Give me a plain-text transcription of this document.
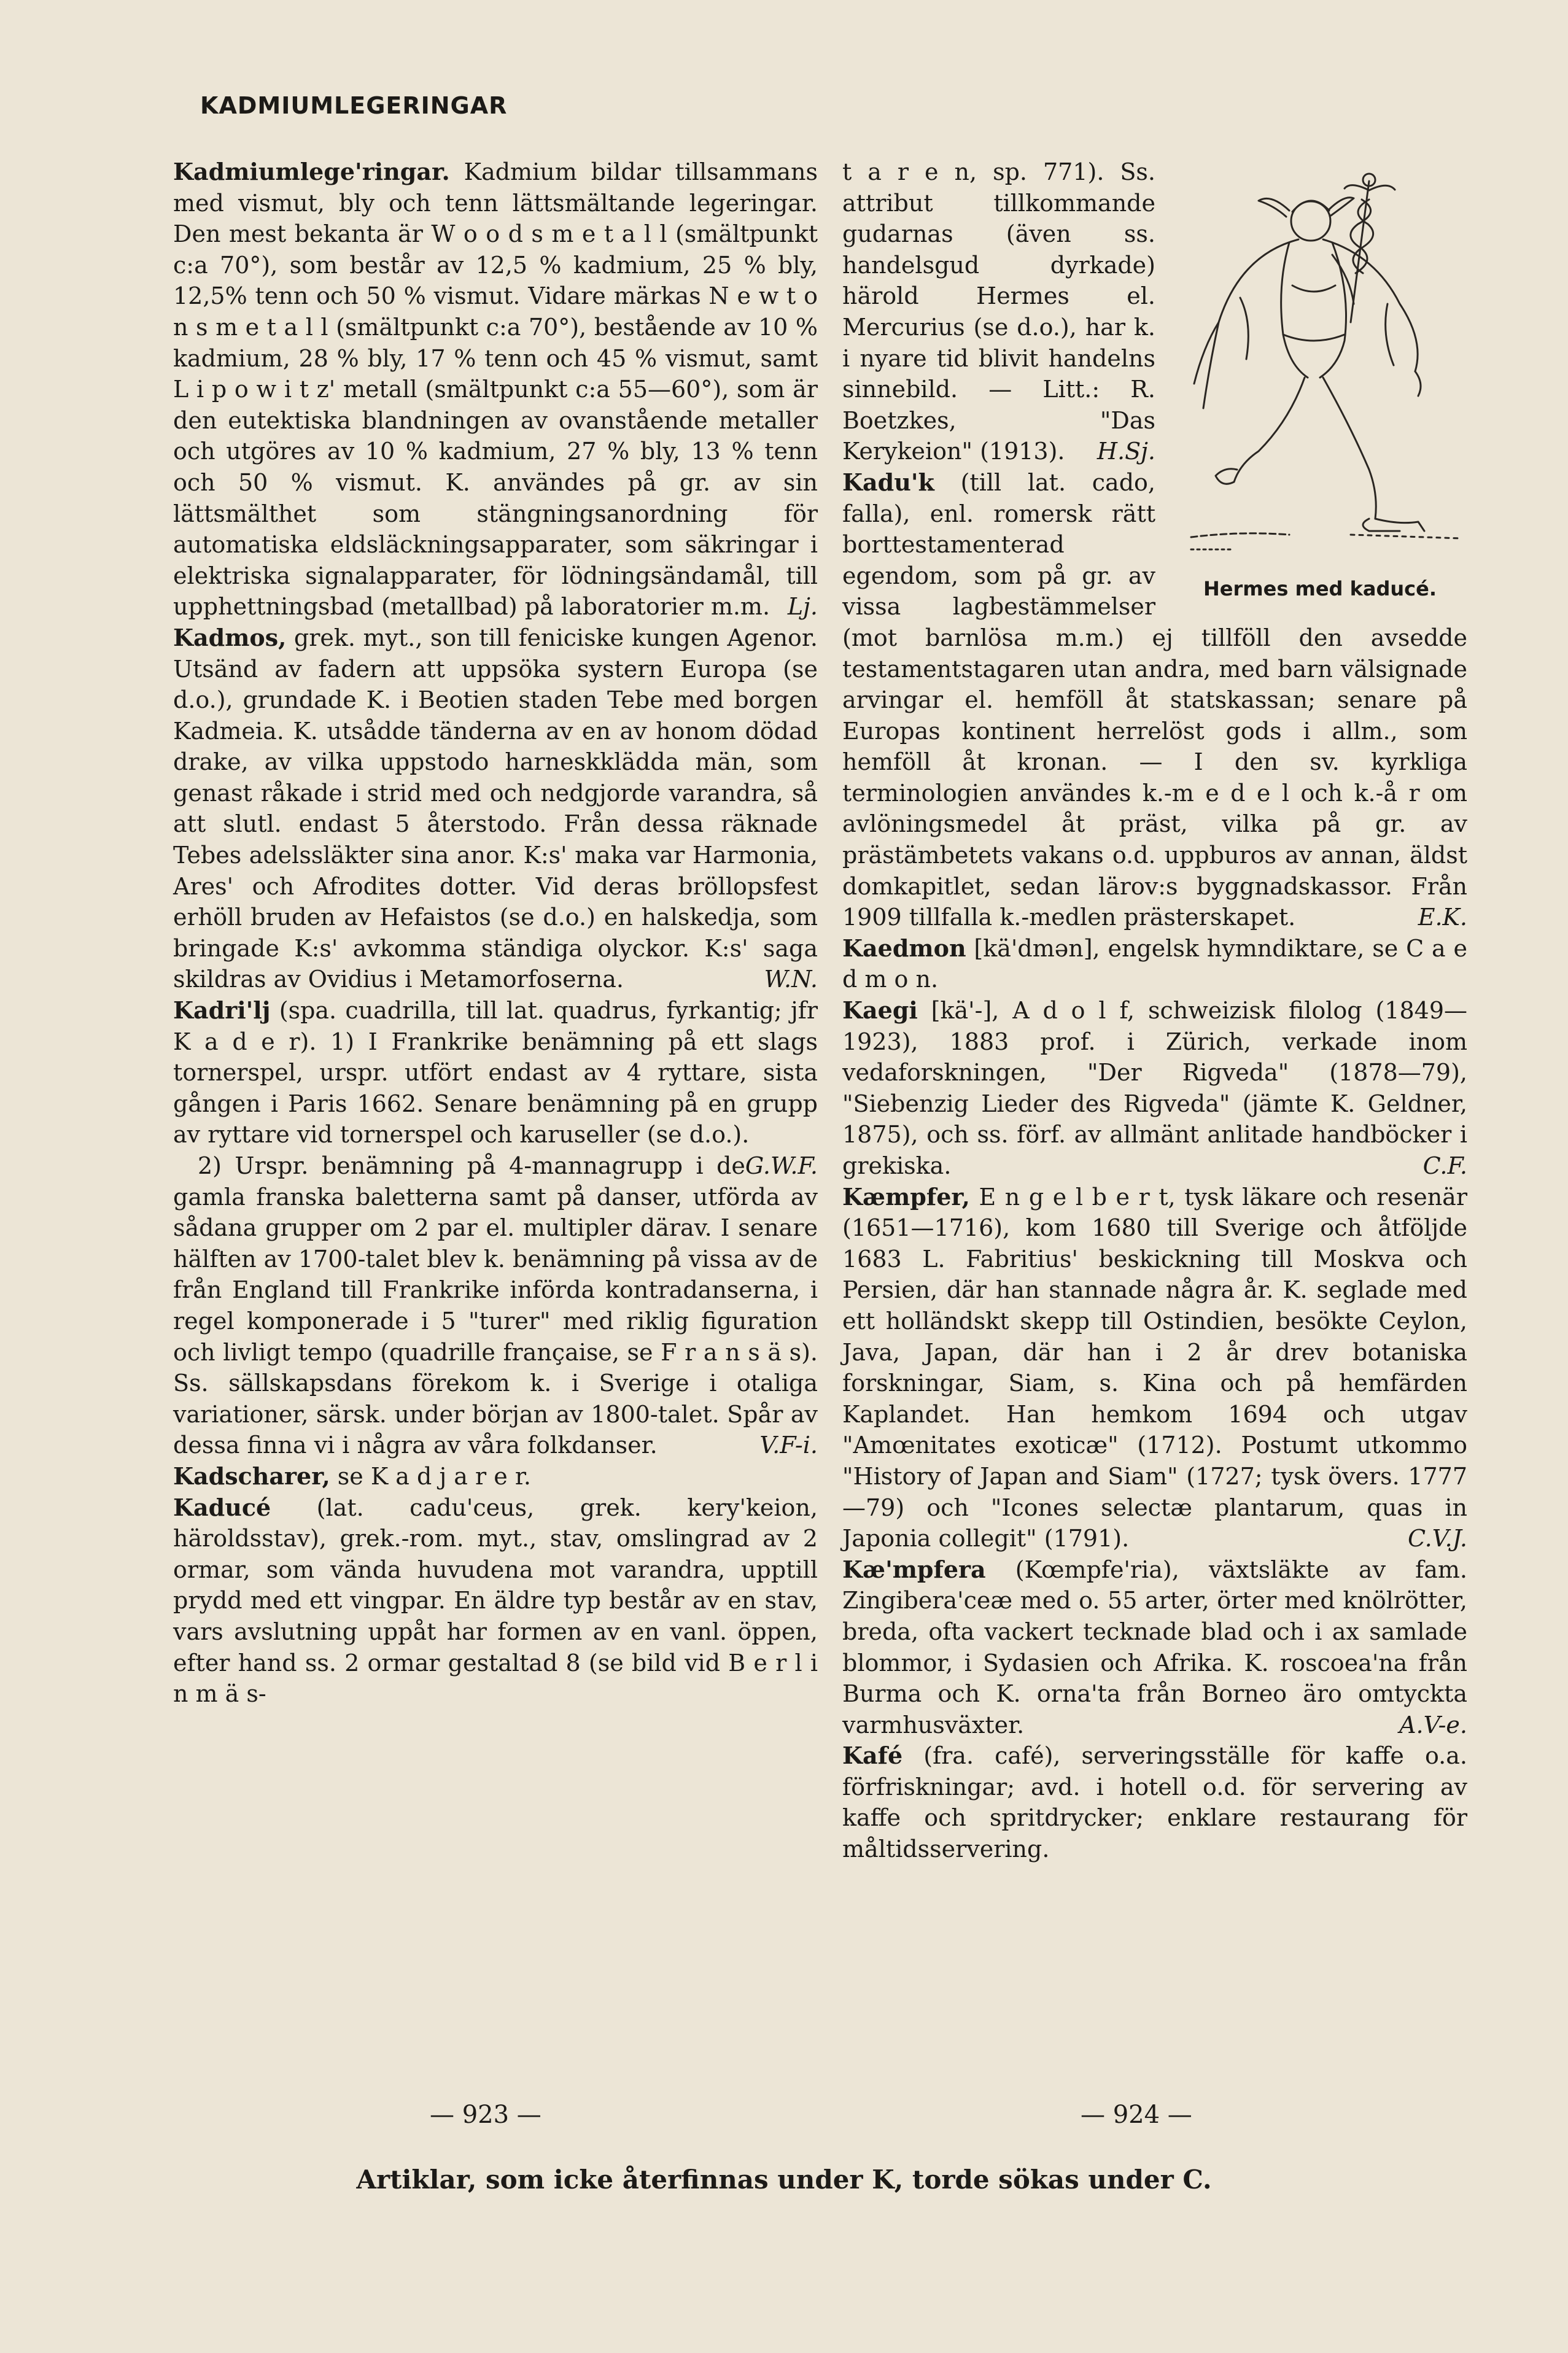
KADMIUMLEGERINGAR

Kadmiumlege'ringar. Kadmium bildar tillsammans med vismut, bly och tenn lättsmältande legeringar. Den mest bekanta är W o o d s m e t a l l (smältpunkt c:a 70°), som består av 12,5 % kadmium, 25 % bly, 12,5% tenn och 50 % vismut. Vidare märkas N e w t o n s m e t a l l (smältpunkt c:a 70°), bestående av 10 % kadmium, 28 % bly, 17 % tenn och 45 % vismut, samt L i p o w i t z' metall (smältpunkt c:a 55—60°), som är den eutektiska blandningen av ovanstående metaller och utgöres av 10 % kadmium, 27 % bly, 13 % tenn och 50 % vismut. K. användes på gr. av sin lättsmälthet som stängningsanordning för automatiska eldsläckningsapparater, som säkringar i elektriska signalapparater, för lödningsändamål, till upphettningsbad (metallbad) på laboratorier m.m. Lj.

Kadmos, grek. myt., son till feniciske kungen Agenor. Utsänd av fadern att uppsöka systern Europa (se d.o.), grundade K. i Beotien staden Tebe med borgen Kadmeia. K. utsådde tänderna av en av honom dödad drake, av vilka uppstodo harneskklädda män, som genast råkade i strid med och nedgjorde varandra, så att slutl. endast 5 återstodo. Från dessa räknade Tebes adelssläkter sina anor. K:s' maka var Harmonia, Ares' och Afrodites dotter. Vid deras bröllopsfest erhöll bruden av Hefaistos (se d.o.) en halskedja, som bringade K:s' avkomma ständiga olyckor. K:s' saga skildras av Ovidius i Metamorfoserna.	W.N.

Kadri'lj (spa. cuadrilla, till lat. quadrus, fyrkantig; jfr K a d e r). 1) I Frankrike benämning på ett slags tornerspel, urspr. utfört endast av 4 ryttare, sista gången i Paris 1662. Senare benämning på en grupp av ryttare vid tornerspel och karuseller (se d.o.).
G.W.F.

2) Urspr. benämning på 4-mannagrupp i de gamla franska baletterna samt på danser, utförda av sådana grupper om 2 par el. multipler därav. I senare hälften av 1700-talet blev k. benämning på vissa av de från England till Frankrike införda kontradanserna, i regel komponerade i 5 "turer" med riklig figuration och livligt tempo (quadrille française, se F r a n s ä s). Ss. sällskapsdans förekom k. i Sverige i otaliga variationer, särsk. under början av 1800-talet. Spår av dessa finna vi i några av våra folkdanser.	V.F-i.

Kadscharer, se K a d j a r e r.

Kaducé (lat. cadu'ceus, grek. kery'keion, häroldsstav), grek.-rom. myt., stav, omslingrad av 2 ormar, som vända huvudena mot varandra, upptill prydd med ett vingpar. En äldre typ består av en stav, vars avslutning uppåt har formen av en vanl. öppen, efter hand ss. 2 ormar gestaltad 8 (se bild vid B e r l i n m ä s-

Hermes med kaducé.

t a r e n, sp. 771). Ss. attribut tillkommande gudarnas (även ss. handelsgud dyrkade) härold Hermes el. Mercurius (se d.o.), har k. i nyare tid blivit handelns sinnebild. — Litt.: R. Boetzkes, "Das Kerykeion" (1913). H.Sj.

Kadu'k (till lat. cado, falla), enl. romersk rätt borttestamenterad egendom, som på gr. av vissa lagbestämmelser (mot barnlösa m.m.) ej tillföll den avsedde testamentstagaren utan andra, med barn välsignade arvingar el. hemföll åt statskassan; senare på Europas kontinent herrelöst gods i allm., som hemföll åt kronan. — I den sv. kyrkliga terminologien användes k.-m e d e l och k.-å r om avlöningsmedel åt präst, vilka på gr. av prästämbetets vakans o.d. uppburos av annan, äldst domkapitlet, sedan lärov:s byggnadskassor. Från 1909 tillfalla k.-medlen prästerskapet.	E.K.

Kaedmon [kä'dmən], engelsk hymndiktare, se C a e d m o n.

Kaegi [kä'-], A d o l f, schweizisk filolog (1849—1923), 1883 prof. i Zürich, verkade inom vedaforskningen, "Der Rigveda" (1878—79), "Siebenzig Lieder des Rigveda" (jämte K. Geldner, 1875), och ss. förf. av allmänt anlitade handböcker i grekiska.	C.F.

Kæmpfer, E n g e l b e r t, tysk läkare och resenär (1651—1716), kom 1680 till Sverige och åtföljde 1683 L. Fabritius' beskickning till Moskva och Persien, där han stannade några år. K. seglade med ett holländskt skepp till Ostindien, besökte Ceylon, Java, Japan, där han i 2 år drev botaniska forskningar, Siam, s. Kina och på hemfärden Kaplandet. Han hemkom 1694 och utgav "Amœnitates exoticæ" (1712). Postumt utkommo "History of Japan and Siam" (1727; tysk övers. 1777—79) och "Icones selectæ plantarum, quas in Japonia collegit" (1791).	C.V.J.

Kæ'mpfera (Kœmpfe'ria), växtsläkte av fam. Zingibera'ceæ med o. 55 arter, örter med knölrötter, breda, ofta vackert tecknade blad och i ax samlade blommor, i Sydasien och Afrika. K. roscoea'na från Burma och K. orna'ta från Borneo äro omtyckta varmhusväxter.	A.V-e.

Kafé (fra. café), serveringsställe för kaffe o.a. förfriskningar; avd. i hotell o.d. för servering av kaffe och spritdrycker; enklare restaurang för måltidsservering.

— 923 —	— 924 —
Artiklar, som icke återfinnas under K, torde sökas under C.
